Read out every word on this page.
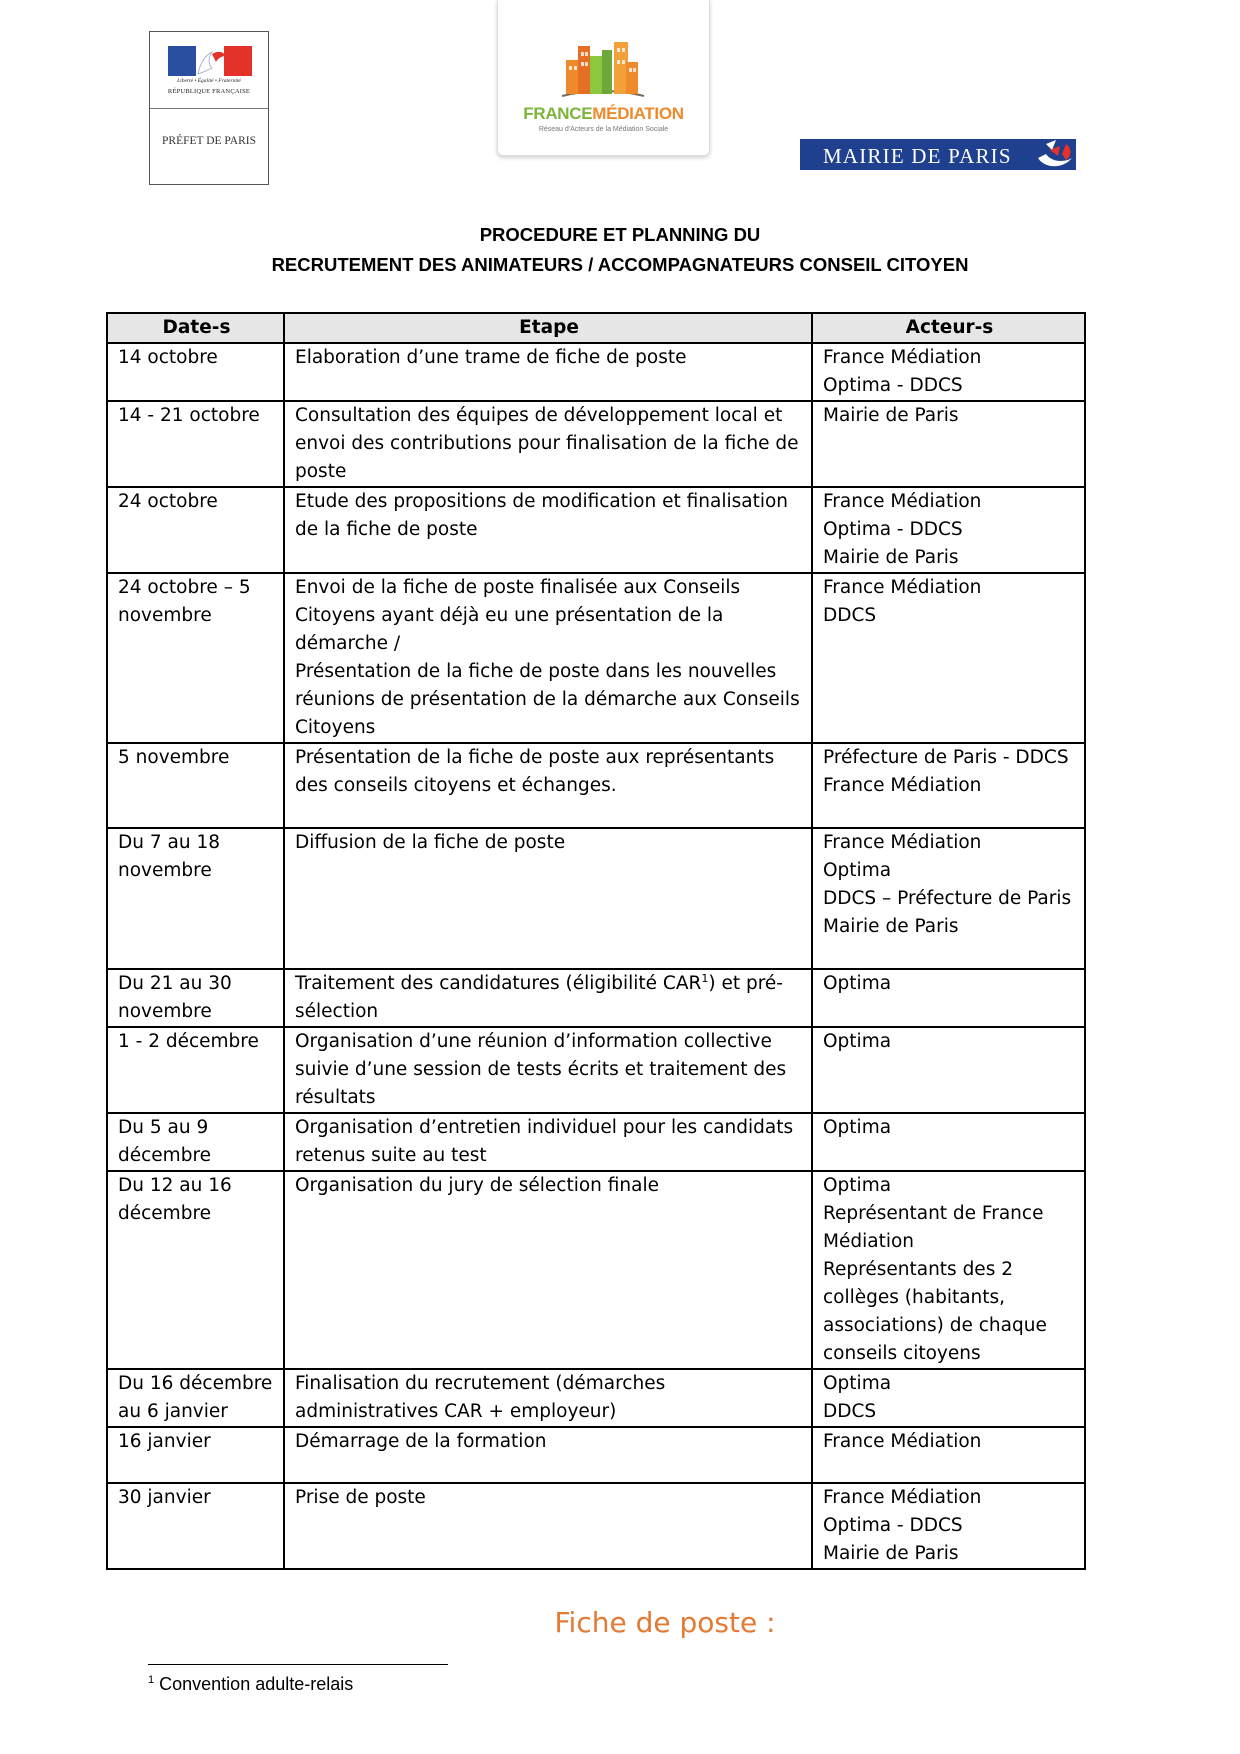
Liberté • Égalité • Fraternité
RÉPUBLIQUE FRANÇAISE
PRÉFET DE PARIS
FRANCEMÉDIATION
Réseau d'Acteurs de la Médiation Sociale
MAIRIE DE PARIS
PROCEDURE ET PLANNING DU
RECRUTEMENT DES ANIMATEURS / ACCOMPAGNATEURS CONSEIL CITOYEN
Date-s	Etape	Acteur-s

14 octobre	Elaboration d’une trame de fiche de poste	France Médiation
Optima - DDCS

14 - 21 octobre	Consultation des équipes de développement local et envoi des contributions pour finalisation de la fiche de poste	Mairie de Paris

24 octobre	Etude des propositions de modification et finalisation de la fiche de poste	France Médiation
Optima - DDCS
Mairie de Paris

24 octobre – 5 novembre	Envoi de la fiche de poste finalisée aux Conseils Citoyens ayant déjà eu une présentation de la démarche /
Présentation de la fiche de poste dans les nouvelles réunions de présentation de la démarche aux Conseils Citoyens	France Médiation
DDCS

5 novembre	Présentation de la fiche de poste aux représentants des conseils citoyens et échanges.	Préfecture de Paris - DDCS
France Médiation

Du 7 au 18 novembre	Diffusion de la fiche de poste	France Médiation
Optima
DDCS – Préfecture de Paris
Mairie de Paris

Du 21 au 30 novembre	Traitement des candidatures (éligibilité CAR$^1$) et pré-sélection	Optima

1 - 2 décembre	Organisation d’une réunion d’information collective suivie d’une session de tests écrits et traitement des résultats	Optima

Du 5 au 9 décembre	Organisation d’entretien individuel pour les candidats retenus suite au test	Optima

Du 12 au 16 décembre	Organisation du jury de sélection finale	Optima
Représentant de France Médiation
Représentants des 2 collèges (habitants, associations) de chaque conseils citoyens

Du 16 décembre au 6 janvier	Finalisation du recrutement (démarches administratives CAR + employeur)	Optima
DDCS

16 janvier	Démarrage de la formation	France Médiation

30 janvier	Prise de poste	France Médiation
Optima - DDCS
Mairie de Paris
Fiche de poste :
$^1$ Convention adulte-relais
